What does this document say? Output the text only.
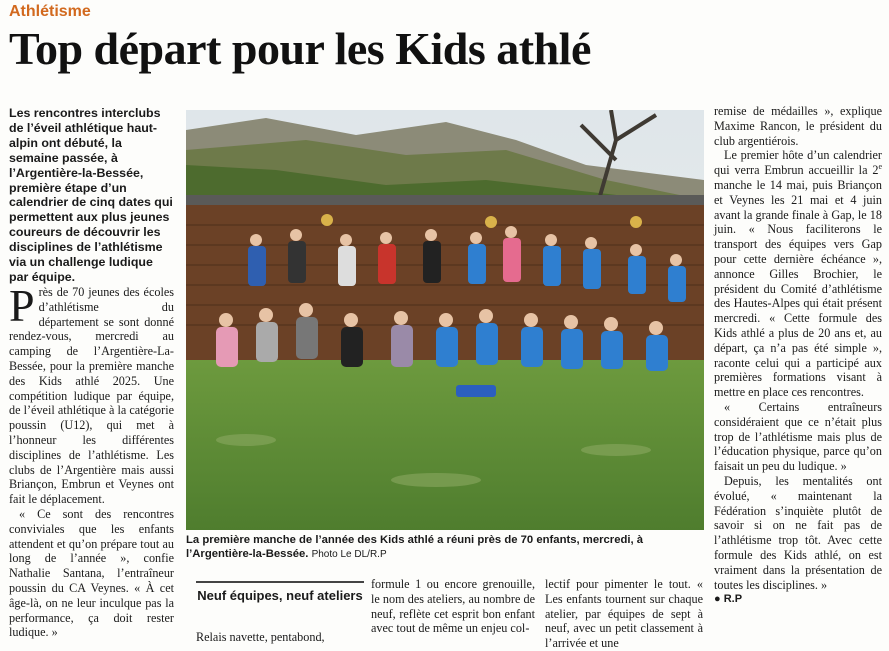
Athlétisme
Top départ pour les Kids athlé
Les rencontres interclubs de l’éveil athlétique haut-alpin ont débuté, la semaine passée, à l’Argentière-la-Bessée, première étape d’un calendrier de cinq dates qui permettent aux plus jeunes coureurs de découvrir les disciplines de l’athlétisme via un challenge ludique par équipe.

Près de 70 jeunes des écoles d’athlétisme du département se sont donné rendez-vous, mercredi au camping de l’Argentière-La-Bessée, pour la première manche des Kids athlé 2025. Une compétition ludique par équipe, de l’éveil athlétique à la catégorie poussin (U12), qui met à l’honneur les différentes disciplines de l’athlétisme. Les clubs de l’Argentière mais aussi Briançon, Embrun et Veynes ont fait le déplacement.

« Ce sont des rencontres conviviales que les enfants attendent et qu’on prépare tout au long de l’année », confie Nathalie Santana, l’entraîneur poussin du CA Veynes. « À cet âge-là, on ne leur inculque pas la performance, ça doit rester ludique. »

La première manche de l’année des Kids athlé a réuni près de 70 enfants, mercredi, à l’Argentière-la-Bessée. Photo Le DL/R.P
Neuf équipes, neuf ateliers

Relais navette, pentabond,

formule 1 ou encore grenouille, le nom des ateliers, au nombre de neuf, reflète cet esprit bon enfant avec tout de même un enjeu col-

lectif pour pimenter le tout. « Les enfants tournent sur chaque atelier, par équipes de sept à neuf, avec un petit classement à l’arrivée et une

remise de médailles », explique Maxime Rancon, le président du club argentiérois.

Le premier hôte d’un calendrier qui verra Embrun accueillir la 2e manche le 14 mai, puis Briançon et Veynes les 21 mai et 4 juin avant la grande finale à Gap, le 18 juin. « Nous faciliterons le transport des équipes vers Gap pour cette dernière échéance », annonce Gilles Brochier, le président du Comité d’athlétisme des Hautes-Alpes qui était présent mercredi. « Cette formule des Kids athlé a plus de 20 ans et, au départ, ça n’a pas été simple », raconte celui qui a participé aux premières formations visant à mettre en place ces rencontres.

« Certains entraîneurs considéraient que ce n’était plus trop de l’athlétisme mais plus de l’éducation physique, parce qu’on faisait un peu du ludique. »

Depuis, les mentalités ont évolué, « maintenant la Fédération s’inquiète plutôt de savoir si on ne fait pas de l’athlétisme trop tôt. Avec cette formule des Kids athlé, on est vraiment dans la présentation de toutes les disciplines. »

● R.P
